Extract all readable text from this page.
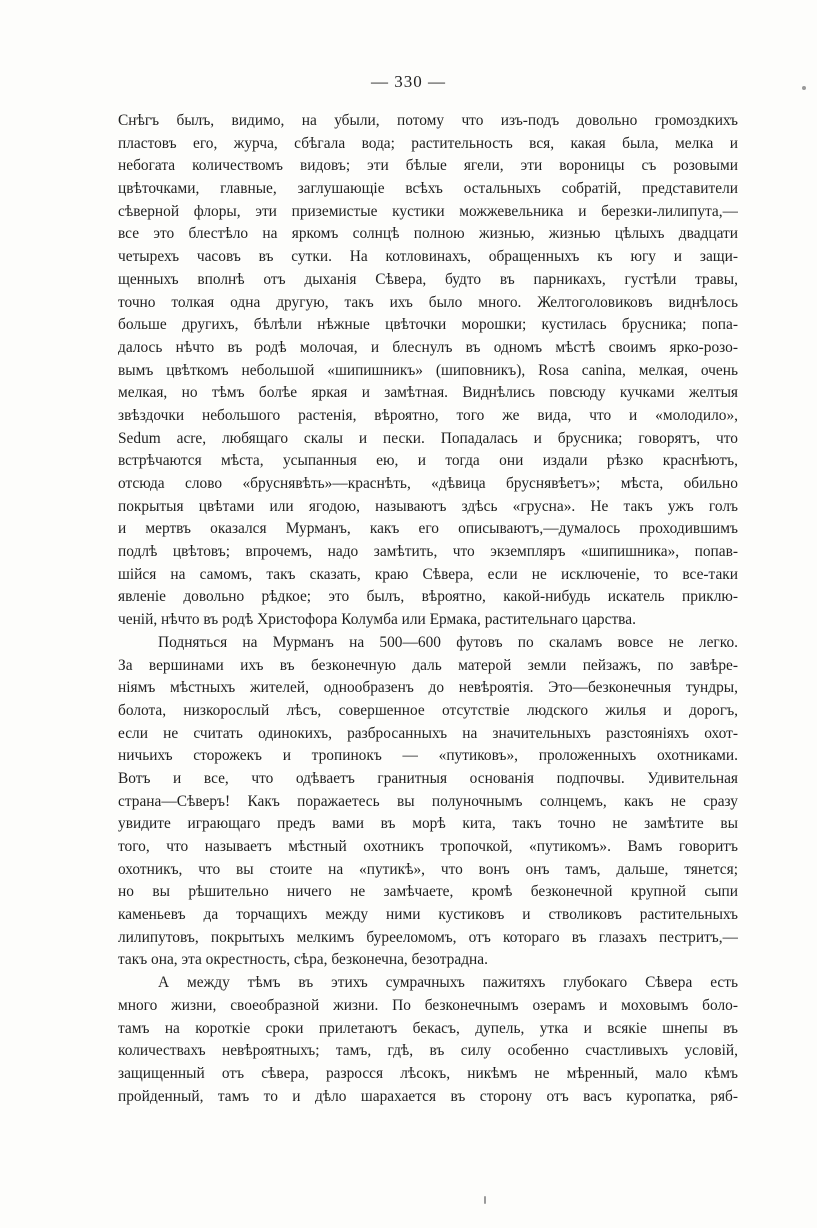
— 330 —
Снѣгъ былъ, видимо, на убыли, потому что изъ-подъ довольно громоздкихъ
пластовъ его, журча, сбѣгала вода; растительность вся, какая была, мелка и
небогата количествомъ видовъ; эти бѣлые ягели, эти вороницы съ розовыми
цвѣточками, главные, заглушающіе всѣхъ остальныхъ собратій, представители
сѣверной флоры, эти приземистые кустики можжевельника и березки-лилипута,—
все это блестѣло на яркомъ солнцѣ полною жизнью, жизнью цѣлыхъ двадцати
четырехъ часовъ въ сутки. На котловинахъ, обращенныхъ къ югу и защи-
щенныхъ вполнѣ отъ дыханія Сѣвера, будто въ парникахъ, густѣли травы,
точно толкая одна другую, такъ ихъ было много. Желтоголовиковъ виднѣлось
больше другихъ, бѣлѣли нѣжные цвѣточки морошки; кустилась брусника; попа-
далось нѣчто въ родѣ молочая, и блеснулъ въ одномъ мѣстѣ своимъ ярко-розо-
вымъ цвѣткомъ небольшой «шипишникъ» (шиповникъ), Rosa canina, мелкая, очень
мелкая, но тѣмъ болѣе яркая и замѣтная. Виднѣлись повсюду кучками желтыя
звѣздочки небольшого растенія, вѣроятно, того же вида, что и «молодило»,
Sedum acre, любящаго скалы и пески. Попадалась и брусника; говорятъ, что
встрѣчаются мѣста, усыпанныя ею, и тогда они издали рѣзко краснѣютъ,
отсюда слово «бруснявѣть»—краснѣть, «дѣвица бруснявѣетъ»; мѣста, обильно
покрытыя цвѣтами или ягодою, называютъ здѣсь «груснa». Не такъ ужъ голъ
и мертвъ оказался Мурманъ, какъ его описываютъ,—думалось проходившимъ
подлѣ цвѣтовъ; впрочемъ, надо замѣтить, что экземпляръ «шипишника», попав-
шійся на самомъ, такъ сказать, краю Сѣвера, если не исключеніе, то все-таки
явленіе довольно рѣдкое; это былъ, вѣроятно, какой-нибудь искатель приклю-
ченій, нѣчто въ родѣ Христофора Колумба или Ермака, растительнаго царства.
Подняться на Мурманъ на 500—600 футовъ по скаламъ вовсе не легко.
За вершинами ихъ въ безконечную даль матерой земли пейзажъ, по завѣре-
ніямъ мѣстныхъ жителей, однообразенъ до невѣроятія. Это—безконечныя тундры,
болота, низкорослый лѣсъ, совершенное отсутствіе людского жилья и дорогъ,
если не считать одинокихъ, разбросанныхъ на значительныхъ разстояніяхъ охот-
ничьихъ сторожекъ и тропинокъ — «путиковъ», проложенныхъ охотниками.
Вотъ и все, что одѣваетъ гранитныя основанія подпочвы. Удивительная
страна—Сѣверъ! Какъ поражаетесь вы полуночнымъ солнцемъ, какъ не сразу
увидите играющаго предъ вами въ морѣ кита, такъ точно не замѣтите вы
того, что называетъ мѣстный охотникъ тропочкой, «путикомъ». Вамъ говоритъ
охотникъ, что вы стоите на «путикѣ», что вонъ онъ тамъ, дальше, тянется;
но вы рѣшительно ничего не замѣчаете, кромѣ безконечной крупной сыпи
каменьевъ да торчащихъ между ними кустиковъ и стволиковъ растительныхъ
лилипутовъ, покрытыхъ мелкимъ бурееломомъ, отъ котораго въ глазахъ пестритъ,—
такъ она, эта окрестность, сѣра, безконечна, безотрадна.
А между тѣмъ въ этихъ сумрачныхъ пажитяхъ глубокаго Сѣвера есть
много жизни, своеобразной жизни. По безконечнымъ озерамъ и моховымъ боло-
тамъ на короткіе сроки прилетаютъ бекасъ, дупель, утка и всякіе шнепы въ
количествахъ невѣроятныхъ; тамъ, гдѣ, въ силу особенно счастливыхъ условій,
защищенный отъ сѣвера, разросся лѣсокъ, никѣмъ не мѣренный, мало кѣмъ
пройденный, тамъ то и дѣло шарахается въ сторону отъ васъ куропатка, ряб-
